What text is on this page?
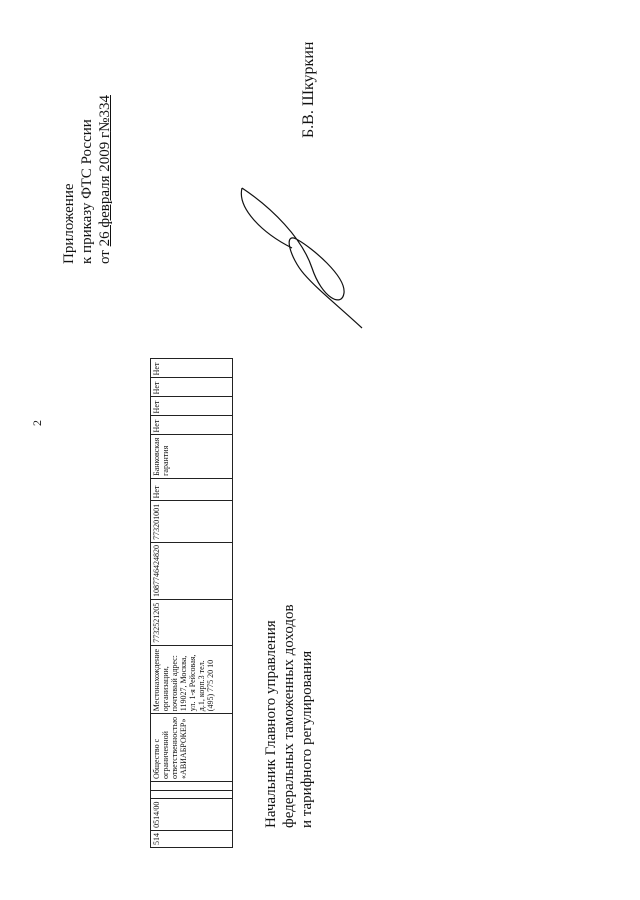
2
Приложение к приказу ФТС России от 26 февраля 2009 г№334
514	0514/00			Общество с ограниченной ответственностью «АВИАБРОКЕР»	Местонахождение организации, почтовый адрес: 119027, Москва, ул. 1-я Рейсовая, д.1, корп.3 тел. (495) 775 20 10	7732521205	1087746424820	773201001	Нет	Банковская гарантия	Нет	Нет	Нет	Нет
Начальник Главного управления федеральных таможенных доходов и тарифного регулирования
Б.В. Шкуркин
